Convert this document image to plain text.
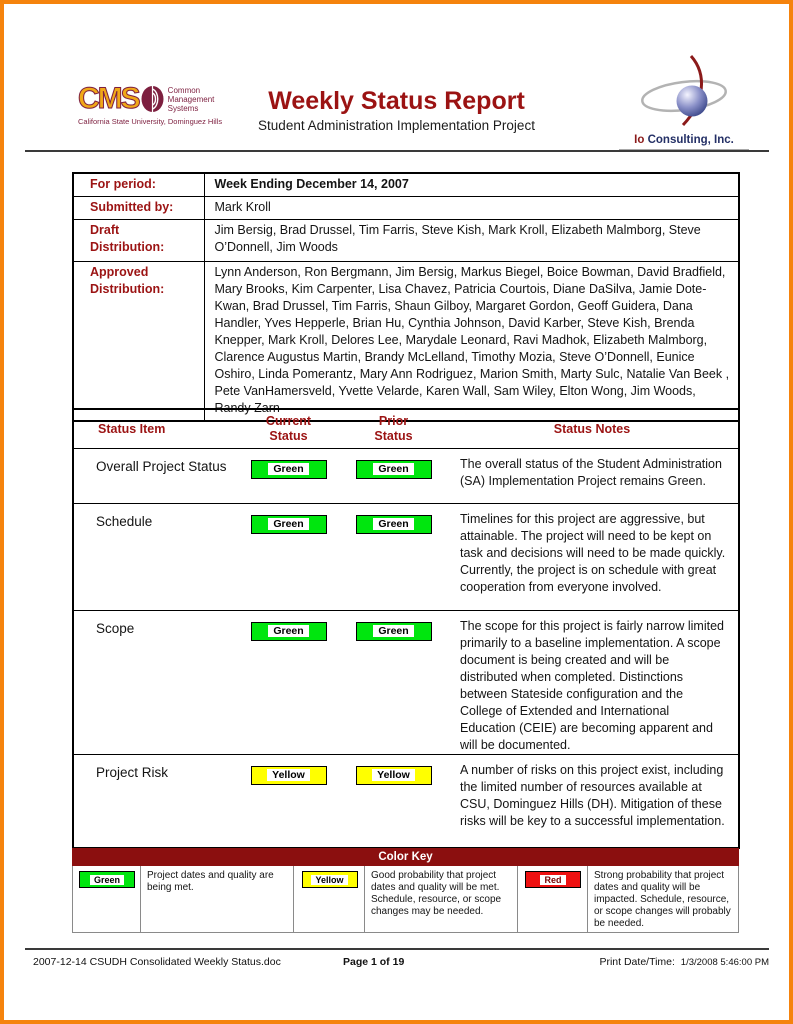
CMS	Common
Management
Systems
California State University, Dominguez Hills
Weekly Status Report
Student Administration Implementation Project
Io Consulting, Inc.
For period:	Week Ending December 14, 2007
Submitted by:	Mark Kroll
Draft Distribution:	Jim Bersig, Brad Drussel, Tim Farris, Steve Kish, Mark Kroll, Elizabeth Malmborg, Steve O’Donnell, Jim Woods
Approved Distribution:	Lynn Anderson, Ron Bergmann, Jim Bersig, Markus Biegel, Boice Bowman, David Bradfield, Mary Brooks, Kim Carpenter, Lisa Chavez, Patricia Courtois, Diane DaSilva, Jamie Dote-Kwan, Brad Drussel, Tim Farris, Shaun Gilboy, Margaret Gordon, Geoff Guidera, Dana Handler, Yves Hepperle, Brian Hu, Cynthia Johnson, David Karber, Steve Kish, Brenda Knepper, Mark Kroll, Delores Lee, Marydale Leonard, Ravi Madhok, Elizabeth Malmborg, Clarence Augustus Martin, Brandy McLelland, Timothy Mozia, Steve O’Donnell, Eunice Oshiro, Linda Pomerantz, Mary Ann Rodriguez, Marion Smith, Marty Sulc, Natalie Van Beek , Pete VanHamersveld, Yvette Velarde, Karen Wall, Sam Wiley, Elton Wong, Jim Woods, Randy Zarn
Status Item	Current Status	Prior Status	Status Notes
Overall Project Status	Green	Green	The overall status of the Student Administration (SA) Implementation Project remains Green.
Schedule	Green	Green	Timelines for this project are aggressive, but attainable. The project will need to be kept on task and decisions will need to be made quickly. Currently, the project is on schedule with great cooperation from everyone involved.
Scope	Green	Green	The scope for this project is fairly narrow limited primarily to a baseline implementation. A scope document is being created and will be distributed when completed. Distinctions between Stateside configuration and the College of Extended and International Education (CEIE) are becoming apparent and will be documented.
Project Risk	Yellow	Yellow	A number of risks on this project exist, including the limited number of resources available at CSU, Dominguez Hills (DH). Mitigation of these risks will be key to a successful implementation.
Color Key

Green	Project dates and quality are being met.	
Yellow	Good probability that project dates and quality will be met. Schedule, resource, or scope changes may be needed.	
Red	Strong probability that project dates and quality will be impacted. Schedule, resource, or scope changes will probably be needed.
2007-12-14 CSUDH Consolidated Weekly Status.doc	Page 1 of 19	Print Date/Time: 1/3/2008 5:46:00 PM
